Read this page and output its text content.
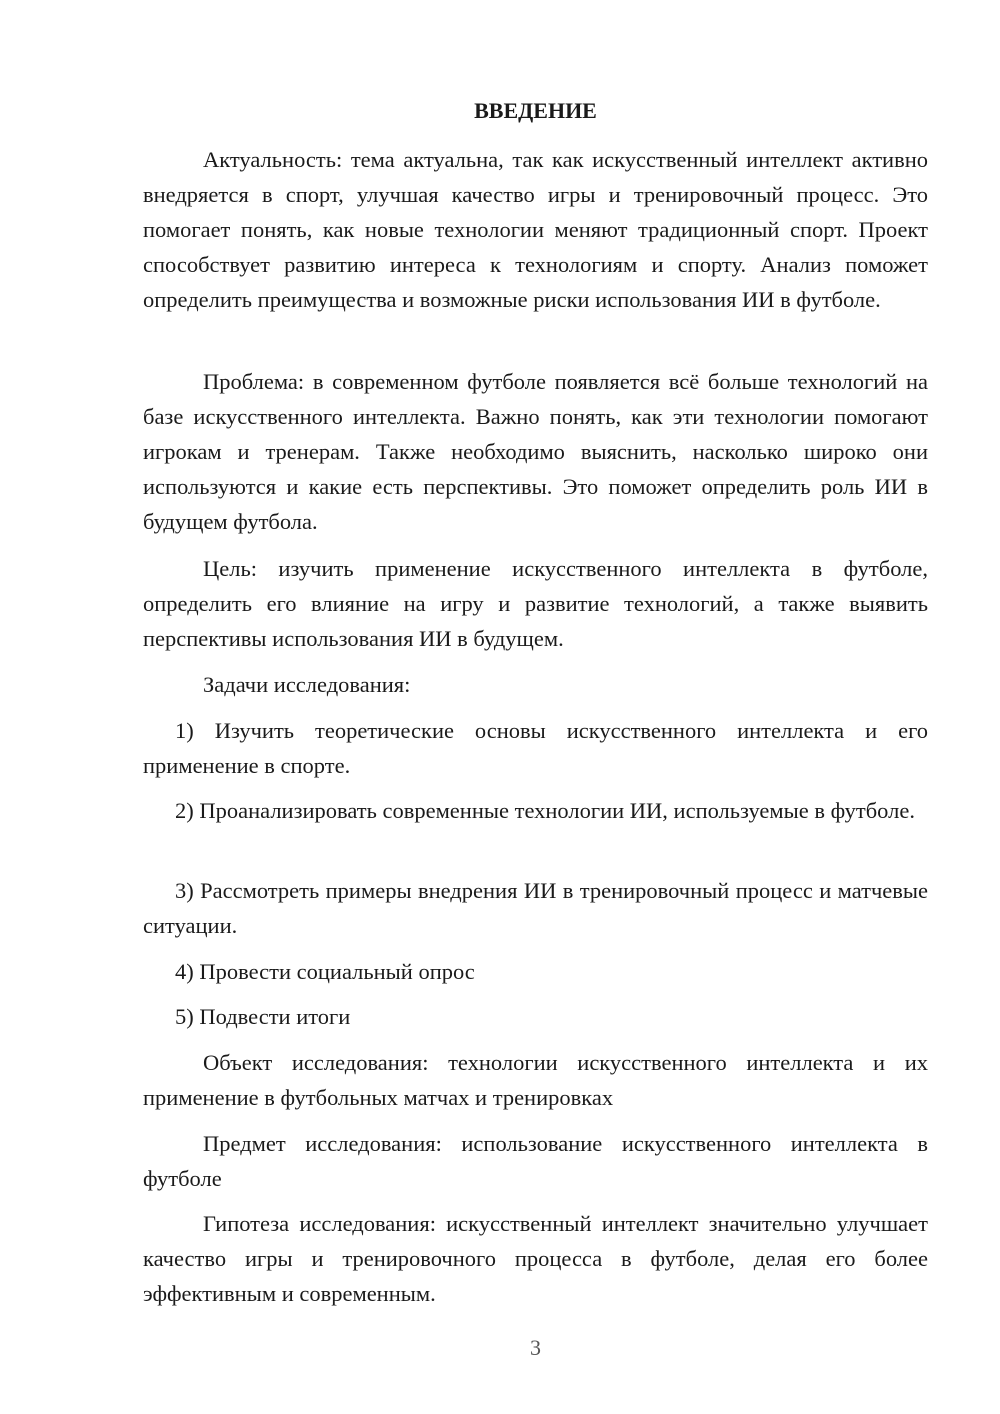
ВВЕДЕНИЕ

Актуальность: тема актуальна, так как искусственный интеллект активно внедряется в спорт, улучшая качество игры и тренировочный процесс. Это помогает понять, как новые технологии меняют традиционный спорт. Проект способствует развитию интереса к технологиям и спорту. Анализ поможет определить преимущества и возможные риски использования ИИ в футболе.

Проблема: в современном футболе появляется всё больше технологий на базе искусственного интеллекта. Важно понять, как эти технологии помогают игрокам и тренерам. Также необходимо выяснить, насколько широко они используются и какие есть перспективы. Это поможет определить роль ИИ в будущем футбола.

Цель: изучить применение искусственного интеллекта в футболе, определить его влияние на игру и развитие технологий, а также выявить перспективы использования ИИ в будущем.

Задачи исследования:

1) Изучить теоретические основы искусственного интеллекта и его применение в спорте.

2) Проанализировать современные технологии ИИ, используемые в футболе.

3) Рассмотреть примеры внедрения ИИ в тренировочный процесс и матчевые ситуации.

4) Провести социальный опрос

5) Подвести итоги

Объект исследования: технологии искусственного интеллекта и их применение в футбольных матчах и тренировках

Предмет исследования: использование искусственного интеллекта в футболе

Гипотеза исследования: искусственный интеллект значительно улучшает качество игры и тренировочного процесса в футболе, делая его более эффективным и современным.

3
